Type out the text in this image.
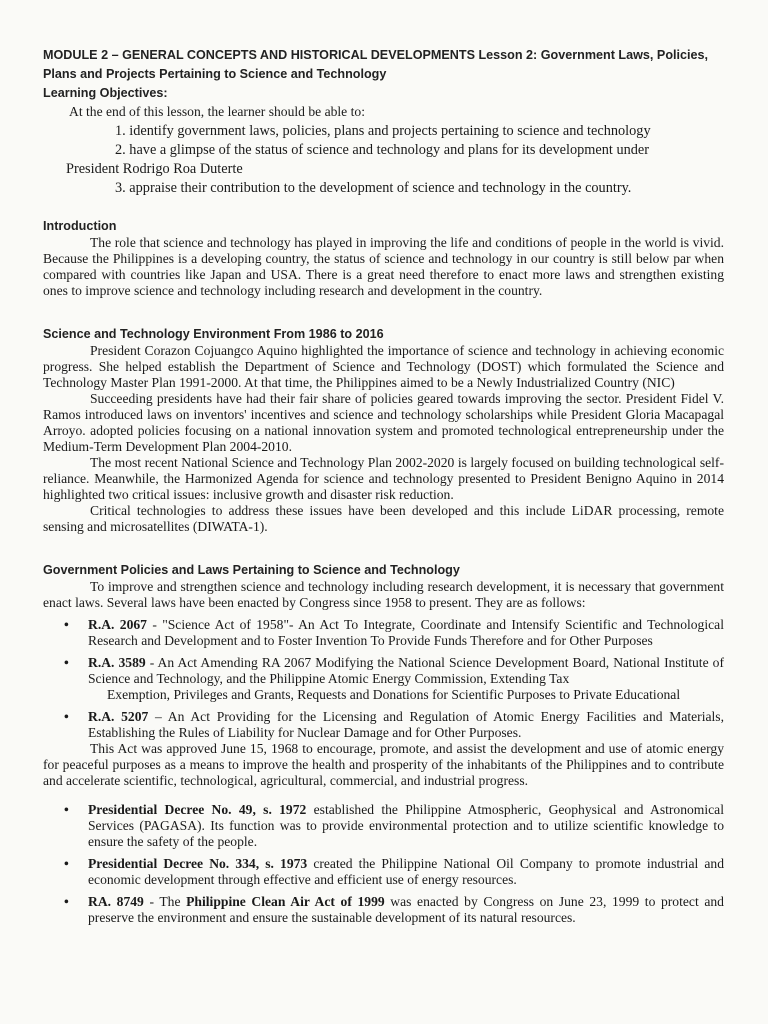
MODULE 2 – GENERAL CONCEPTS AND HISTORICAL DEVELOPMENTS Lesson 2: Government Laws, Policies, Plans and Projects Pertaining to Science and Technology

Learning Objectives:

At the end of this lesson, the learner should be able to:

1. identify government laws, policies, plans and projects pertaining to science and technology

2. have a glimpse of the status of science and technology and plans for its development under

President Rodrigo Roa Duterte

3. appraise their contribution to the development of science and technology in the country.

Introduction

The role that science and technology has played in improving the life and conditions of people in the world is vivid. Because the Philippines is a developing country, the status of science and technology in our country is still below par when compared with countries like Japan and USA. There is a great need therefore to enact more laws and strengthen existing ones to improve science and technology including research and development in the country.

Science and Technology Environment From 1986 to 2016

President Corazon Cojuangco Aquino highlighted the importance of science and technology in achieving economic progress. She helped establish the Department of Science and Technology (DOST) which formulated the Science and Technology Master Plan 1991-2000. At that time, the Philippines aimed to be a Newly Industrialized Country (NIC)

Succeeding presidents have had their fair share of policies geared towards improving the sector. President Fidel V. Ramos introduced laws on inventors' incentives and science and technology scholarships while President Gloria Macapagal Arroyo. adopted policies focusing on a national innovation system and promoted technological entrepreneurship under the Medium-Term Development Plan 2004-2010.

The most recent National Science and Technology Plan 2002-2020 is largely focused on building technological self-reliance. Meanwhile, the Harmonized Agenda for science and technology presented to President Benigno Aquino in 2014 highlighted two critical issues: inclusive growth and disaster risk reduction.

Critical technologies to address these issues have been developed and this include LiDAR processing, remote sensing and microsatellites (DIWATA-1).

Government Policies and Laws Pertaining to Science and Technology

To improve and strengthen science and technology including research development, it is necessary that government enact laws. Several laws have been enacted by Congress since 1958 to present. They are as follows:

• R.A. 2067 - "Science Act of 1958"- An Act To Integrate, Coordinate and Intensify Scientific and Technological Research and Development and to Foster Invention To Provide Funds Therefore and for Other Purposes
• R.A. 3589 - An Act Amending RA 2067 Modifying the National Science Development Board, National Institute of Science and Technology, and the Philippine Atomic Energy Commission, Extending Tax
Exemption, Privileges and Grants, Requests and Donations for Scientific Purposes to Private Educational
• R.A. 5207 – An Act Providing for the Licensing and Regulation of Atomic Energy Facilities and Materials, Establishing the Rules of Liability for Nuclear Damage and for Other Purposes.

This Act was approved June 15, 1968 to encourage, promote, and assist the development and use of atomic energy for peaceful purposes as a means to improve the health and prosperity of the inhabitants of the Philippines and to contribute and accelerate scientific, technological, agricultural, commercial, and industrial progress.

• Presidential Decree No. 49, s. 1972 established the Philippine Atmospheric, Geophysical and Astronomical Services (PAGASA). Its function was to provide environmental protection and to utilize scientific knowledge to ensure the safety of the people.
• Presidential Decree No. 334, s. 1973 created the Philippine National Oil Company to promote industrial and economic development through effective and efficient use of energy resources.
• RA. 8749 - The Philippine Clean Air Act of 1999 was enacted by Congress on June 23, 1999 to protect and preserve the environment and ensure the sustainable development of its natural resources.
